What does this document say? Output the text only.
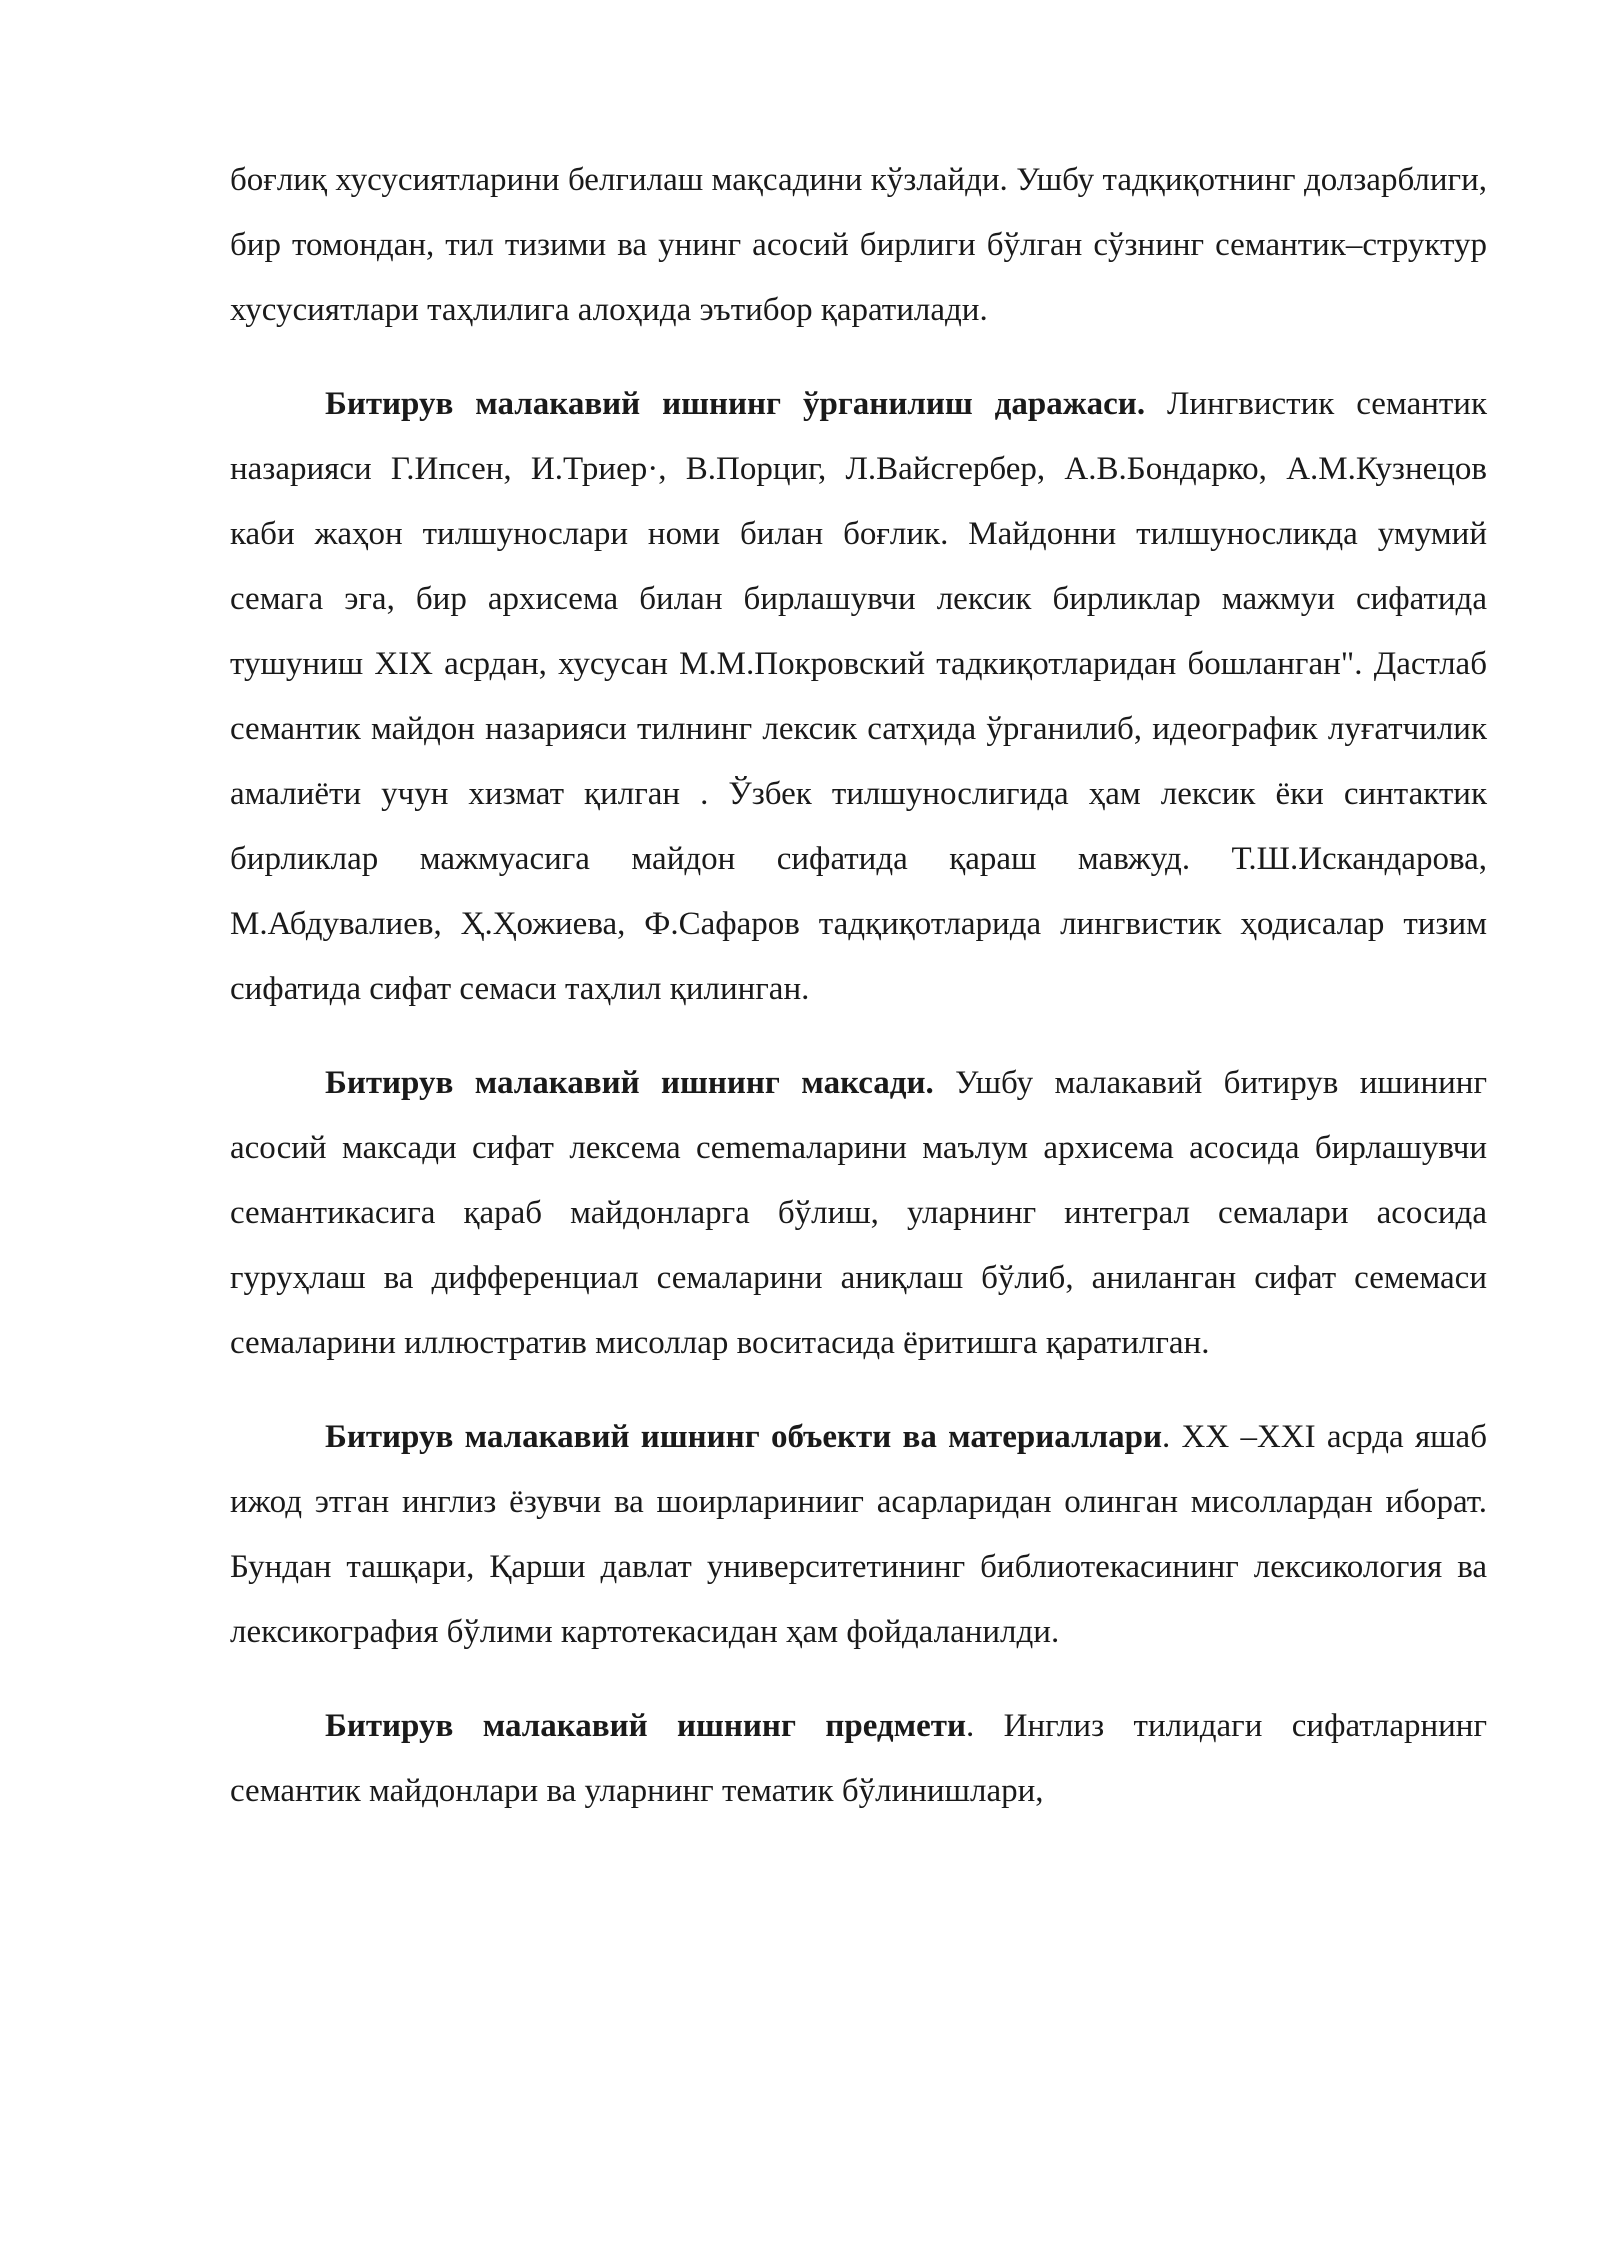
боғлиқ хусусиятларини белгилаш мақсадини кўзлайди. Ушбу тадқиқотнинг долзарблиги, бир томондан, тил тизими ва унинг асосий бирлиги бўлган сўзнинг семантик–структур хусусиятлари таҳлилига алоҳида эътибор қаратилади.

Битирув малакавий ишнинг ўрганилиш даражаси. Лингвистик семантик назарияси Г.Ипсен, И.Триер·, В.Порциг, Л.Вайсгербер, А.В.Бондарко, А.М.Кузнецов каби жаҳон тилшунослари номи билан боғлик. Майдонни тилшуносликда умумий семага эга, бир архисема билан бирлашувчи лексик бирликлар мажмуи сифатида тушуниш XIX асрдан, хусусан М.М.Покровский тадкиқотларидан бошланган". Дастлаб семантик майдон назарияси тилнинг лексик сатҳида ўрганилиб, идеографик луғатчилик амалиёти учун хизмат қилган . Ўзбек тилшунослигида ҳам лексик ёки синтактик бирликлар мажмуасига майдон сифатида қараш мавжуд. Т.Ш.Искандарова, М.Абдувалиев, Ҳ.Ҳожиева, Ф.Сафаров тадқиқотларида лингвистик ҳодисалар тизим сифатида сифат семаси таҳлил қилинган.

Битирув малакавий ишнинг максади. Ушбу малакавий битирув ишининг асосий максади сифат лексема сememаларини маълум архисема асосида бирлашувчи семантикасига қараб майдонларга бўлиш, уларнинг интеграл семалари асосида гуруҳлаш ва дифференциал семаларини аниқлаш бўлиб, аниланган сифат семемаси семаларини иллюстратив мисоллар воситасида ёритишга қаратилган.

Битирув малакавий ишнинг объекти ва материаллари. XX –XXI асрда яшаб ижод этган инглиз ёзувчи ва шоирларинииг асарларидан олинган мисоллардан иборат. Бундан ташқари, Қарши давлат университетининг библиотекасининг лексикология ва лексикография бўлими картотекасидан ҳам фойдаланилди.

Битирув малакавий ишнинг предмети. Инглиз тилидаги сифатларнинг семантик майдонлари ва уларнинг тематик бўлинишлари,
